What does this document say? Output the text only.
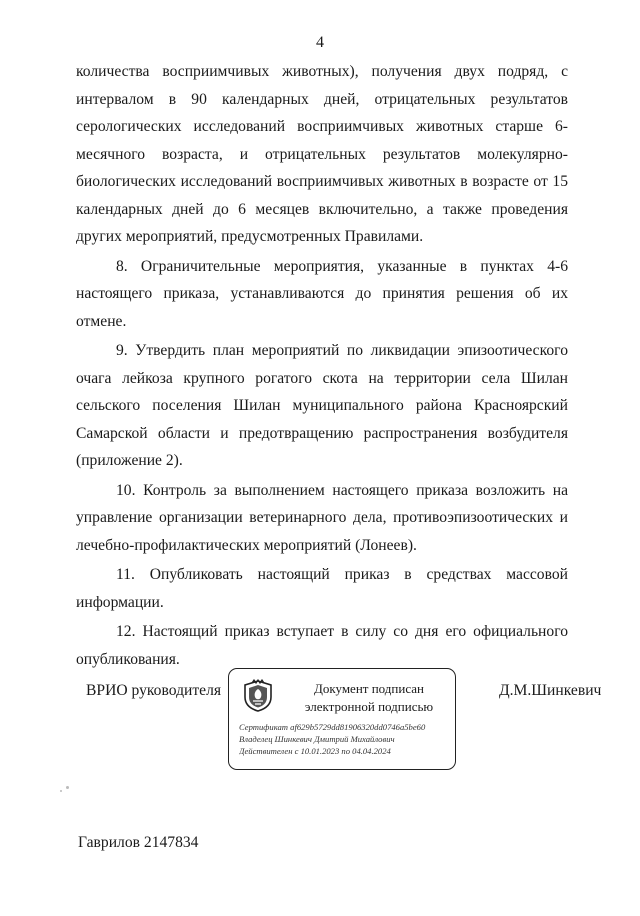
4

количества восприимчивых животных), получения двух подряд, с интервалом в 90 календарных дней, отрицательных результатов серологических исследований восприимчивых животных старше 6-месячного возраста, и отрицательных результатов молекулярно-биологических исследований восприимчивых животных в возрасте от 15 календарных дней до 6 месяцев включительно, а также проведения других мероприятий, предусмотренных Правилами.

8. Ограничительные мероприятия, указанные в пунктах 4-6 настоящего приказа, устанавливаются до принятия решения об их отмене.

9. Утвердить план мероприятий по ликвидации эпизоотического очага лейкоза крупного рогатого скота на территории села Шилан сельского поселения Шилан муниципального района Красноярский Самарской области и предотвращению распространения возбудителя (приложение 2).

10. Контроль за выполнением настоящего приказа возложить на управление организации ветеринарного дела, противоэпизоотических и лечебно-профилактических мероприятий (Лонеев).

11. Опубликовать настоящий приказ в средствах массовой информации.

12. Настоящий приказ вступает в силу со дня его официального опубликования.

ВРИО руководителя	Документ подписан
электронной подписью
Сертификат af629b5729dd81906320dd0746a5be60
Владелец Шинкевич Дмитрий Михайлович
Действителен с 10.01.2023 по 04.04.2024
Д.М.Шинкевич
Гаврилов 2147834
